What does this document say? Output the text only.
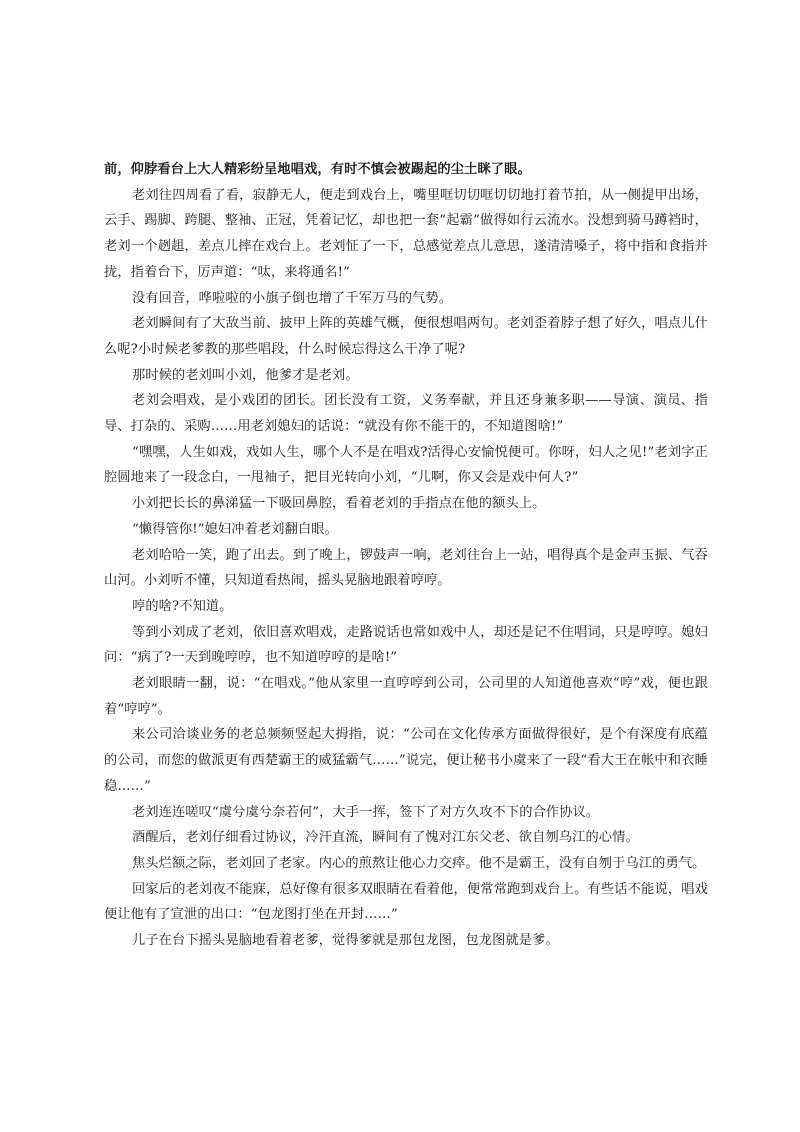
前，仰脖看台上大人精彩纷呈地唱戏，有时不慎会被踢起的尘土眯了眼。

老刘往四周看了看，寂静无人，便走到戏台上，嘴里哐切切哐切切地打着节拍，从一侧提甲出场，云手、踢脚、跨腿、整袖、正冠，凭着记忆，却也把一套“起霸”做得如行云流水。没想到骑马蹲裆时，老刘一个趔趄，差点儿摔在戏台上。老刘怔了一下，总感觉差点儿意思，遂清清嗓子，将中指和食指并拢，指着台下，厉声道：“呔，来将通名!”

没有回音，哗啦啦的小旗子倒也增了千军万马的气势。

老刘瞬间有了大敌当前、披甲上阵的英雄气概，便很想唱两句。老刘歪着脖子想了好久，唱点儿什么呢?小时候老爹教的那些唱段，什么时候忘得这么干净了呢?

那时候的老刘叫小刘，他爹才是老刘。

老刘会唱戏，是小戏团的团长。团长没有工资，义务奉献，并且还身兼多职——导演、演员、指导、打杂的、采购……用老刘媳妇的话说：“就没有你不能干的，不知道图啥!”

“嘿嘿，人生如戏，戏如人生，哪个人不是在唱戏?活得心安愉悦便可。你呀，妇人之见!”老刘字正腔圆地来了一段念白，一甩袖子，把目光转向小刘，“儿啊，你又会是戏中何人?”

小刘把长长的鼻涕猛一下吸回鼻腔，看着老刘的手指点在他的额头上。

“懒得管你!”媳妇冲着老刘翻白眼。

老刘哈哈一笑，跑了出去。到了晚上，锣鼓声一响，老刘往台上一站，唱得真个是金声玉振、气吞山河。小刘听不懂，只知道看热闹，摇头晃脑地跟着哼哼。

哼的啥?不知道。

等到小刘成了老刘，依旧喜欢唱戏，走路说话也常如戏中人，却还是记不住唱词，只是哼哼。媳妇问：“病了?一天到晚哼哼，也不知道哼哼的是啥!”

老刘眼睛一翻，说：“在唱戏。”他从家里一直哼哼到公司，公司里的人知道他喜欢“哼”戏，便也跟着“哼哼”。

来公司洽谈业务的老总频频竖起大拇指，说：“公司在文化传承方面做得很好，是个有深度有底蕴的公司，而您的做派更有西楚霸王的威猛霸气……”说完，便让秘书小虞来了一段“看大王在帐中和衣睡稳……”

老刘连连嗟叹“虞兮虞兮奈若何”，大手一挥，签下了对方久攻不下的合作协议。

酒醒后，老刘仔细看过协议，冷汗直流，瞬间有了愧对江东父老、欲自刎乌江的心情。

焦头烂额之际，老刘回了老家。内心的煎熬让他心力交瘁。他不是霸王，没有自刎于乌江的勇气。

回家后的老刘夜不能寐，总好像有很多双眼睛在看着他，便常常跑到戏台上。有些话不能说，唱戏便让他有了宣泄的出口：“包龙图打坐在开封……”

儿子在台下摇头晃脑地看着老爹，觉得爹就是那包龙图，包龙图就是爹。
